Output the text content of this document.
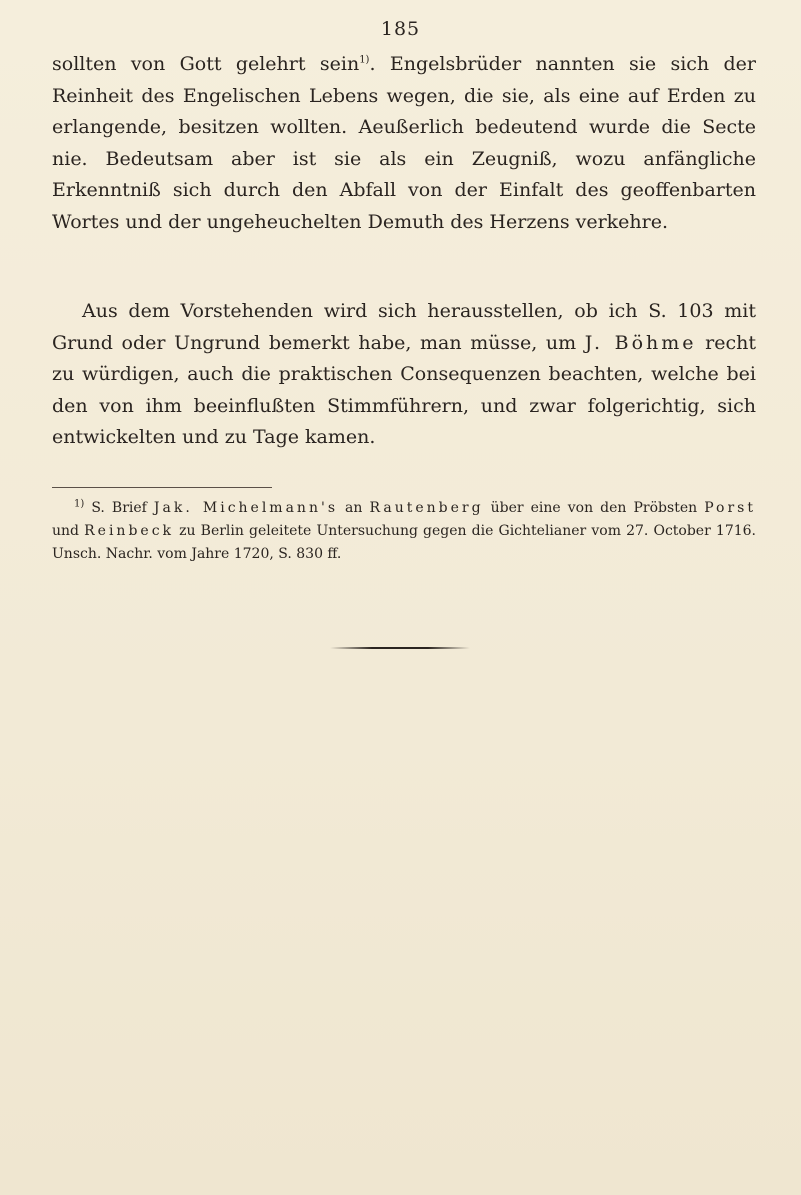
185
sollten von Gott gelehrt sein$^{1)}$. Engelsbrüder nannten sie sich der Reinheit des Engelischen Lebens wegen, die sie, als eine auf Erden zu erlangende, besitzen wollten. Aeußerlich bedeutend wurde die Secte nie. Bedeutsam aber ist sie als ein Zeugniß, wozu anfängliche Erkenntniß sich durch den Abfall von der Einfalt des geoffenbarten Wortes und der ungeheuchelten Demuth des Herzens verkehre.
Aus dem Vorstehenden wird sich herausstellen, ob ich S. 103 mit Grund oder Ungrund bemerkt habe, man müsse, um J. Böhme recht zu würdigen, auch die praktischen Consequenzen beachten, welche bei den von ihm beeinflußten Stimmführern, und zwar folgerichtig, sich entwickelten und zu Tage kamen.
$^{1)}$ S. Brief Jak. Michelmann's an Rautenberg über eine von den Pröbsten Porst und Reinbeck zu Berlin geleitete Untersuchung gegen die Gichtelianer vom 27. October 1716. Unsch. Nachr. vom Jahre 1720, S. 830 ff.
